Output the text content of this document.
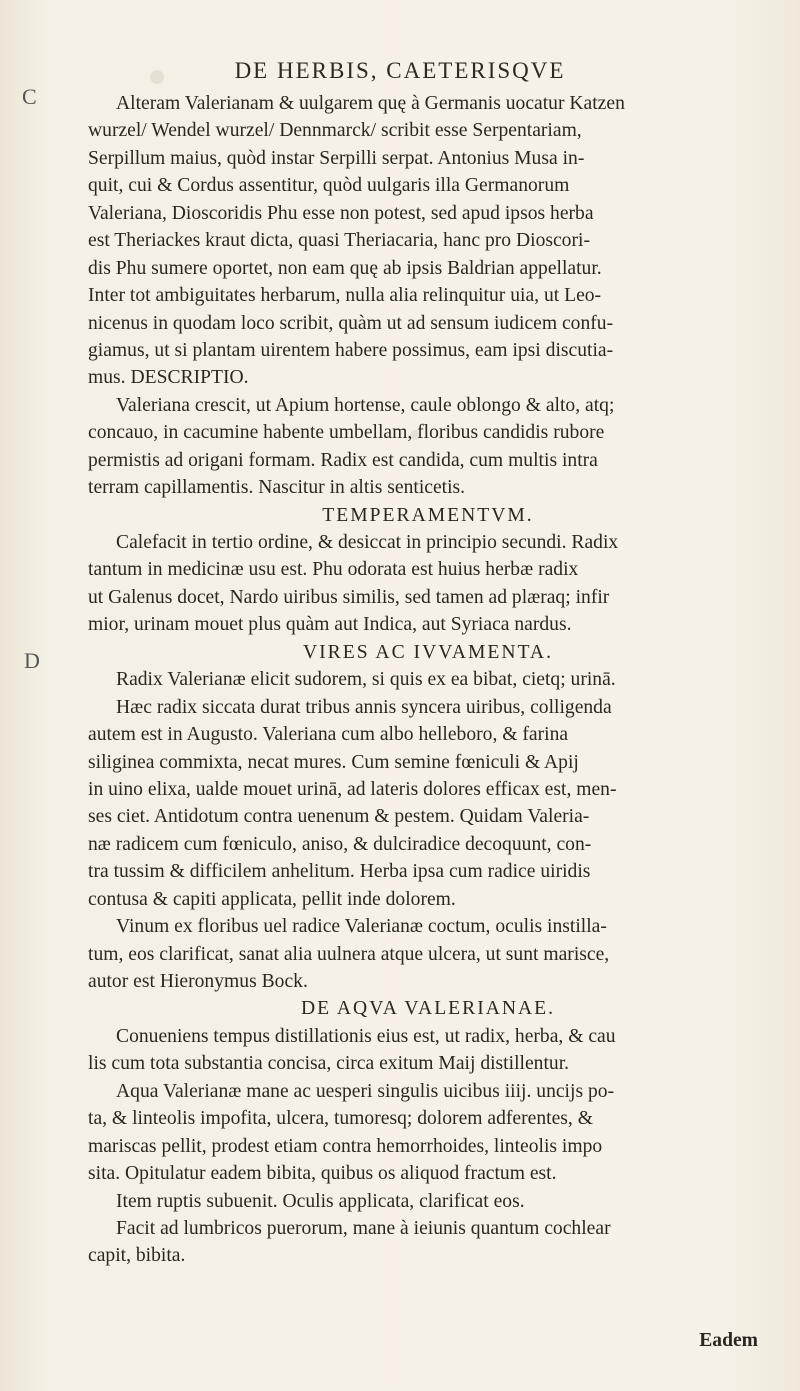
DE HERBIS, CAETERISQVE
C
D
Alteram Valerianam & uulgarem quę à Germanis uocatur Katzen
wurzel/ Wendel wurzel/ Dennmarck/ scribit esse Serpentariam,
Serpillum maius, quòd instar Serpilli serpat. Antonius Musa in-
quit, cui & Cordus assentitur, quòd uulgaris illa Germanorum
Valeriana, Dioscoridis Phu esse non potest, sed apud ipsos herba
est Theriackes kraut dicta, quasi Theriacaria, hanc pro Dioscori-
dis Phu sumere oportet, non eam quę ab ipsis Baldrian appellatur.
Inter tot ambiguitates herbarum, nulla alia relinquitur uia, ut Leo-
nicenus in quodam loco scribit, quàm ut ad sensum iudicem confu-
giamus, ut si plantam uirentem habere possimus, eam ipsi discutia-
mus. DESCRIPTIO.
Valeriana crescit, ut Apium hortense, caule oblongo & alto, atq;
concauo, in cacumine habente umbellam, floribus candidis rubore
permistis ad origani formam. Radix est candida, cum multis intra
terram capillamentis. Nascitur in altis senticetis.
TEMPERAMENTVM.
Calefacit in tertio ordine, & desiccat in principio secundi. Radix
tantum in medicinæ usu est. Phu odorata est huius herbæ radix
ut Galenus docet, Nardo uiribus similis, sed tamen ad plæraq; infir
mior, urinam mouet plus quàm aut Indica, aut Syriaca nardus.
VIRES AC IVVAMENTA.
Radix Valerianæ elicit sudorem, si quis ex ea bibat, cietq; urinā.
Hæc radix siccata durat tribus annis syncera uiribus, colligenda
autem est in Augusto. Valeriana cum albo helleboro, & farina
siliginea commixta, necat mures. Cum semine fœniculi & Apij
in uino elixa, ualde mouet urinā, ad lateris dolores efficax est, men-
ses ciet. Antidotum contra uenenum & pestem. Quidam Valeria-
næ radicem cum fœniculo, aniso, & dulciradice decoquunt, con-
tra tussim & difficilem anhelitum. Herba ipsa cum radice uiridis
contusa & capiti applicata, pellit inde dolorem.
Vinum ex floribus uel radice Valerianæ coctum, oculis instilla-
tum, eos clarificat, sanat alia uulnera atque ulcera, ut sunt marisce,
autor est Hieronymus Bock.
DE AQVA VALERIANAE.
Conueniens tempus distillationis eius est, ut radix, herba, & cau
lis cum tota substantia concisa, circa exitum Maij distillentur.
Aqua Valerianæ mane ac uesperi singulis uicibus iiij. uncijs po-
ta, & linteolis impofita, ulcera, tumoresq; dolorem adferentes, &
mariscas pellit, prodest etiam contra hemorrhoides, linteolis impo
sita. Opitulatur eadem bibita, quibus os aliquod fractum est.
Item ruptis subuenit. Oculis applicata, clarificat eos.
Facit ad lumbricos puerorum, mane à ieiunis quantum cochlear
capit, bibita.
Eadem
